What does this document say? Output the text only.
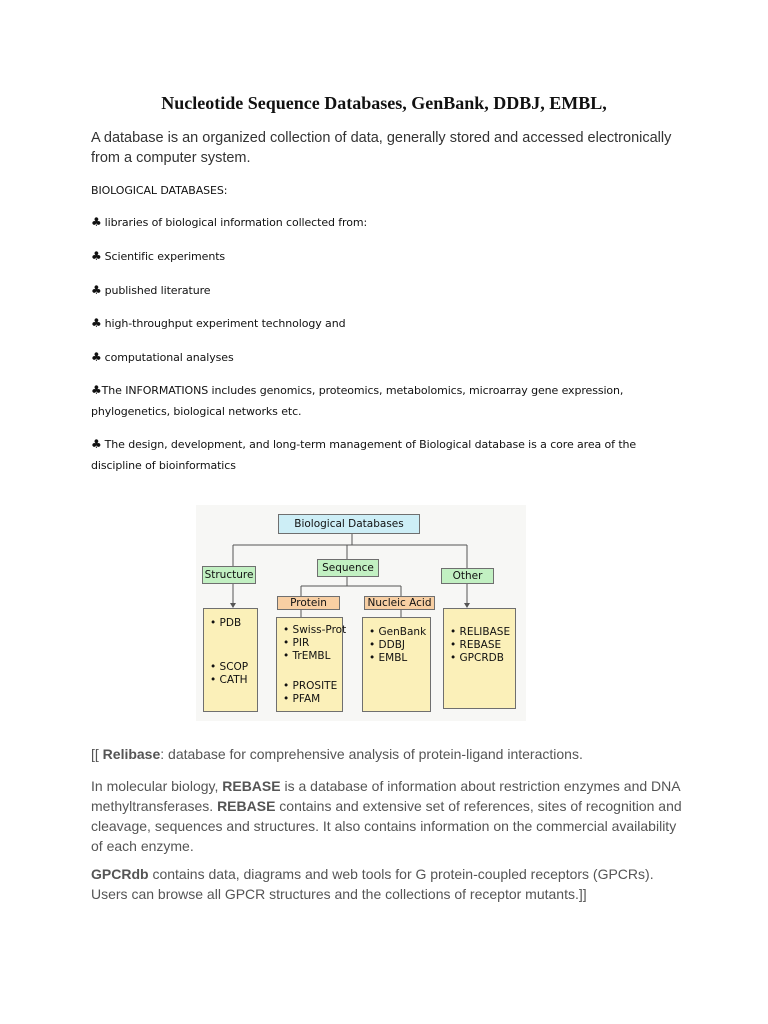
Nucleotide Sequence Databases, GenBank, DDBJ, EMBL,
A database is an organized collection of data, generally stored and accessed electronically from a computer system.
BIOLOGICAL DATABASES:
♣ libraries of biological information collected from:
♣ Scientific experiments
♣ published literature
♣ high-throughput experiment technology and
♣ computational analyses
♣The INFORMATIONS includes genomics, proteomics, metabolomics, microarray gene expression,
phylogenetics, biological networks etc.
♣ The design, development, and long-term management of Biological database is a core area of the
discipline of bioinformatics
Biological Databases
Structure
Sequence
Other
Protein	Nucleic Acid
• PDB
• SCOP
• CATH
• Swiss-Prot
• PIR
• TrEMBL
• PROSITE
• PFAM
• GenBank
• DDBJ
• EMBL
• RELIBASE
• REBASE
• GPCRDB
[[ Relibase: database for comprehensive analysis of protein-ligand interactions.
In molecular biology, REBASE is a database of information about restriction enzymes and DNA methyltransferases. REBASE contains and extensive set of references, sites of recognition and cleavage, sequences and structures. It also contains information on the commercial availability of each enzyme.
GPCRdb contains data, diagrams and web tools for G protein-coupled receptors (GPCRs). Users can browse all GPCR structures and the collections of receptor mutants.]]
